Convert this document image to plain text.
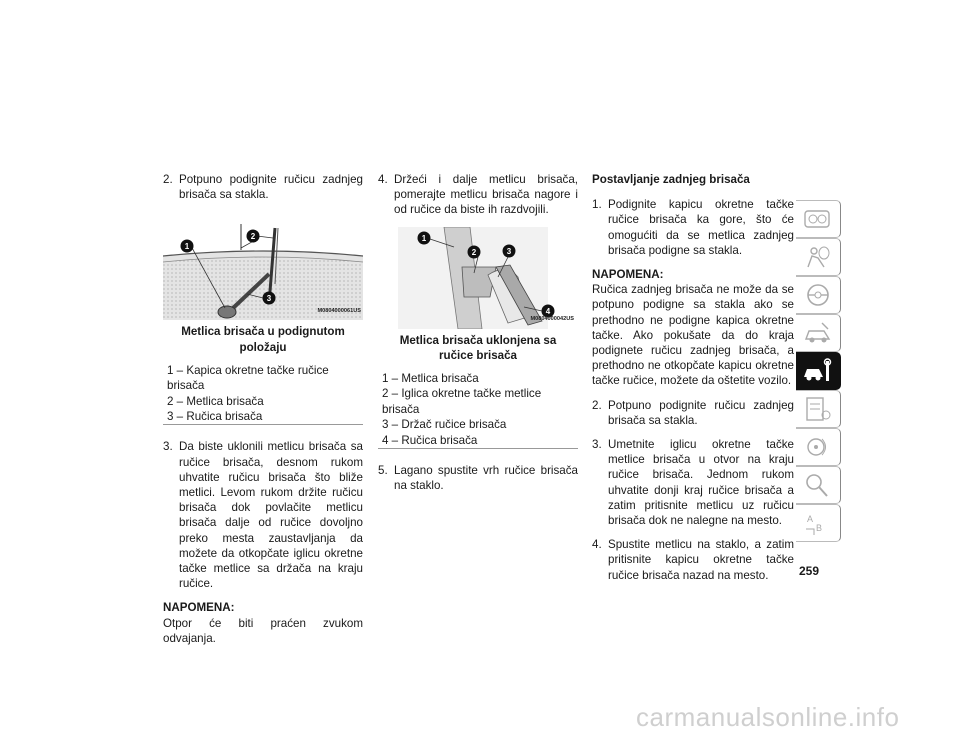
2. Potpuno podignite ručicu zadnjeg brisača sa stakla.
1
2
3
M0804000061US
Metlica brisača u podignutom položaju
1 – Kapica okretne tačke ručice brisača
2 – Metlica brisača
3 – Ručica brisača
3. Da biste uklonili metlicu brisača sa ručice brisača, desnom rukom uhvatite ručicu brisača što bliže metlici. Levom rukom držite ručicu brisača dok povlačite metlicu brisača dalje od ručice dovoljno preko mesta zaustavljanja da možete da otkopčate iglicu okretne tačke metlice sa držača na kraju ručice.
NAPOMENA:
Otpor će biti praćen zvukom odvajanja.
4. Držeći i dalje metlicu brisača, pomerajte metlicu brisača nagore i od ručice da biste ih razdvojili.
1
2	3
4
M0804000042US
Metlica brisača uklonjena sa ručice brisača
1 – Metlica brisača
2 – Iglica okretne tačke metlice brisača
3 – Držač ručice brisača
4 – Ručica brisača
5. Lagano spustite vrh ručice brisača na staklo.
Postavljanje zadnjeg brisača
1. Podignite kapicu okretne tačke ručice brisača ka gore, što će omogućiti da se metlica zadnjeg brisača podigne sa stakla.
NAPOMENA:
Ručica zadnjeg brisača ne može da se potpuno podigne sa stakla ako se prethodno ne podigne kapica okretne tačke. Ako pokušate da do kraja podignete ručicu zadnjeg brisača, a prethodno ne otkopčate kapicu okretne tačke ručice, možete da oštetite vozilo.
2. Potpuno podignite ručicu zadnjeg brisača sa stakla.
3. Umetnite iglicu okretne tačke metlice brisača u otvor na kraju ručice brisača. Jednom rukom uhvatite donji kraj ručice brisača a zatim pritisnite metlicu uz ručicu brisača dok ne nalegne na mesto.
4. Spustite metlicu na staklo, a zatim pritisnite kapicu okretne tačke ručice brisača nazad na mesto.
A
B
259
carmanualsonline.info
